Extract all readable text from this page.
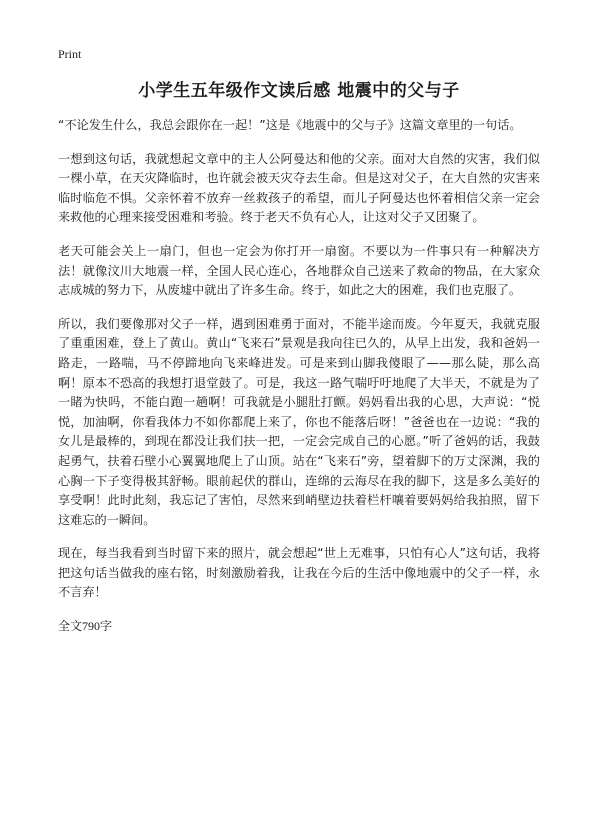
Print
小学生五年级作文读后感 地震中的父与子

“不论发生什么，我总会跟你在一起！”这是《地震中的父与子》这篇文章里的一句话。

一想到这句话，我就想起文章中的主人公阿曼达和他的父亲。面对大自然的灾害，我们似一棵小草，在天灾降临时，也许就会被天灾夺去生命。但是这对父子，在大自然的灾害来临时临危不惧。父亲怀着不放弃一丝救孩子的希望，而儿子阿曼达也怀着相信父亲一定会来救他的心理来接受困难和考验。终于老天不负有心人，让这对父子又团聚了。

老天可能会关上一扇门，但也一定会为你打开一扇窗。不要以为一件事只有一种解决方法！就像汶川大地震一样，全国人民心连心，各地群众自己送来了救命的物品，在大家众志成城的努力下，从废墟中就出了许多生命。终于，如此之大的困难，我们也克服了。

所以，我们要像那对父子一样，遇到困难勇于面对，不能半途而废。今年夏天，我就克服了重重困难，登上了黄山。黄山“飞来石”景观是我向往已久的，从早上出发，我和爸妈一路走，一路喘，马不停蹄地向飞来峰进发。可是来到山脚我傻眼了——那么陡，那么高啊！原本不恐高的我想打退堂鼓了。可是，我这一路气喘吁吁地爬了大半天，不就是为了一睹为快吗，不能白跑一趟啊！可我就是小腿肚打颤。妈妈看出我的心思，大声说：“悦悦，加油啊，你看我体力不如你都爬上来了，你也不能落后呀！”爸爸也在一边说：“我的女儿是最棒的，到现在都没让我们扶一把，一定会完成自己的心愿。”听了爸妈的话，我鼓起勇气，扶着石壁小心翼翼地爬上了山顶。站在“飞来石”旁，望着脚下的万丈深渊，我的心胸一下子变得极其舒畅。眼前起伏的群山，连绵的云海尽在我的脚下，这是多么美好的享受啊！此时此刻，我忘记了害怕，尽然来到峭壁边扶着栏杆嚷着要妈妈给我拍照，留下这难忘的一瞬间。

现在，每当我看到当时留下来的照片，就会想起“世上无难事，只怕有心人”这句话，我将把这句话当做我的座右铭，时刻激励着我，让我在今后的生活中像地震中的父子一样，永不言弃！

全文790字
